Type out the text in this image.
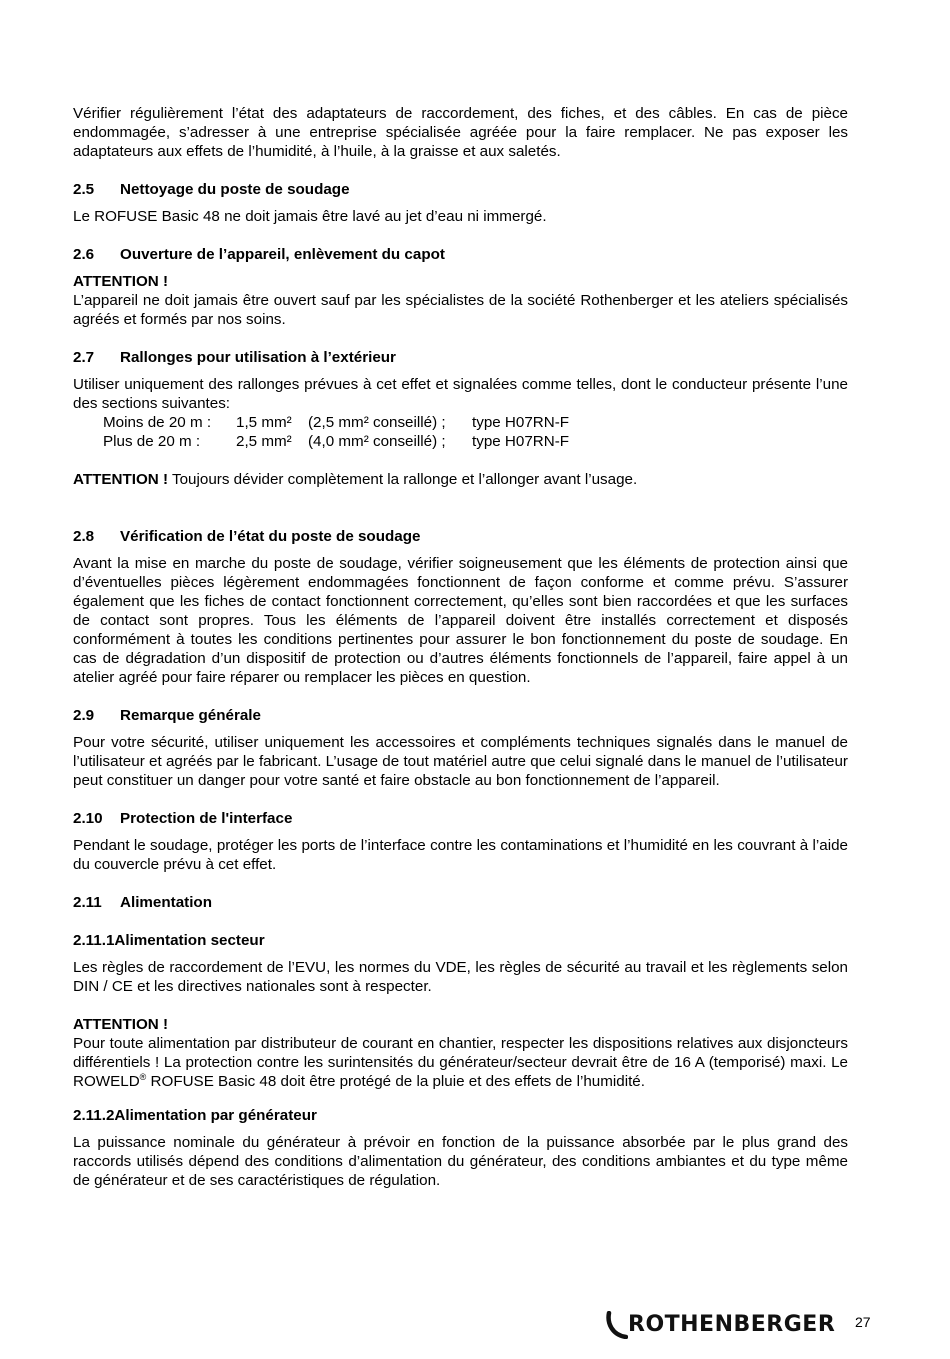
Vérifier régulièrement l’état des adaptateurs de raccordement, des fiches, et des câbles. En cas de pièce endommagée, s’adresser à une entreprise spécialisée agréée pour la faire remplacer. Ne pas exposer les adaptateurs aux effets de l’humidité, à l’huile, à la graisse et aux saletés.

2.5	Nettoyage du poste de soudage

Le ROFUSE Basic 48 ne doit jamais être lavé au jet d’eau ni immergé.

2.6	Ouverture de l’appareil, enlèvement du capot

ATTENTION !

L’appareil ne doit jamais être ouvert sauf par les spécialistes de la société Rothenberger et les ateliers spécialisés agréés et formés par nos soins.

2.7	Rallonges pour utilisation à l’extérieur

Utiliser uniquement des rallonges prévues à cet effet et signalées comme telles, dont le conducteur présente l’une des sections suivantes:

Moins de 20 m :	1,5 mm²	(2,5 mm² conseillé) ;	type H07RN-F
Plus de 20 m :	2,5 mm²	(4,0 mm² conseillé) ;	type H07RN-F

ATTENTION ! Toujours dévider complètement la rallonge et l’allonger avant l’usage.

2.8	Vérification de l’état du poste de soudage

Avant la mise en marche du poste de soudage, vérifier soigneusement que les éléments de protection ainsi que d’éventuelles pièces légèrement endommagées fonctionnent de façon conforme et comme prévu. S’assurer également que les fiches de contact fonctionnent correctement, qu’elles sont bien raccordées et que les surfaces de contact sont propres. Tous les éléments de l’appareil doivent être installés correctement et disposés conformément à toutes les conditions pertinentes pour assurer le bon fonctionnement du poste de soudage. En cas de dégradation d’un dispositif de protection ou d’autres éléments fonctionnels de l’appareil, faire appel à un atelier agréé pour faire réparer ou remplacer les pièces en question.

2.9	Remarque générale

Pour votre sécurité, utiliser uniquement les accessoires et compléments techniques signalés dans le manuel de l’utilisateur et agréés par le fabricant. L’usage de tout matériel autre que celui signalé dans le manuel de l’utilisateur peut constituer un danger pour votre santé et faire obstacle au bon fonctionnement de l’appareil.

2.10	Protection de l'interface

Pendant le soudage, protéger les ports de l’interface contre les contaminations et l’humidité en les couvrant à l’aide du couvercle prévu à cet effet.

2.11	Alimentation
2.11.1 Alimentation secteur

Les règles de raccordement de l’EVU, les normes du VDE, les règles de sécurité au travail et les règlements selon DIN / CE et les directives nationales sont à respecter.

ATTENTION !

Pour toute alimentation par distributeur de courant en chantier, respecter les dispositions relatives aux disjoncteurs différentiels ! La protection contre les surintensités du générateur/secteur devrait être de 16 A (temporisé) maxi. Le ROWELD® ROFUSE Basic 48 doit être protégé de la pluie et des effets de l’humidité.

2.11.2 Alimentation par générateur

La puissance nominale du générateur à prévoir en fonction de la puissance absorbée par le plus grand des raccords utilisés dépend des conditions d’alimentation du générateur, des conditions ambiantes et du type même de générateur et de ses caractéristiques de régulation.

ROTHENBERGER 27
